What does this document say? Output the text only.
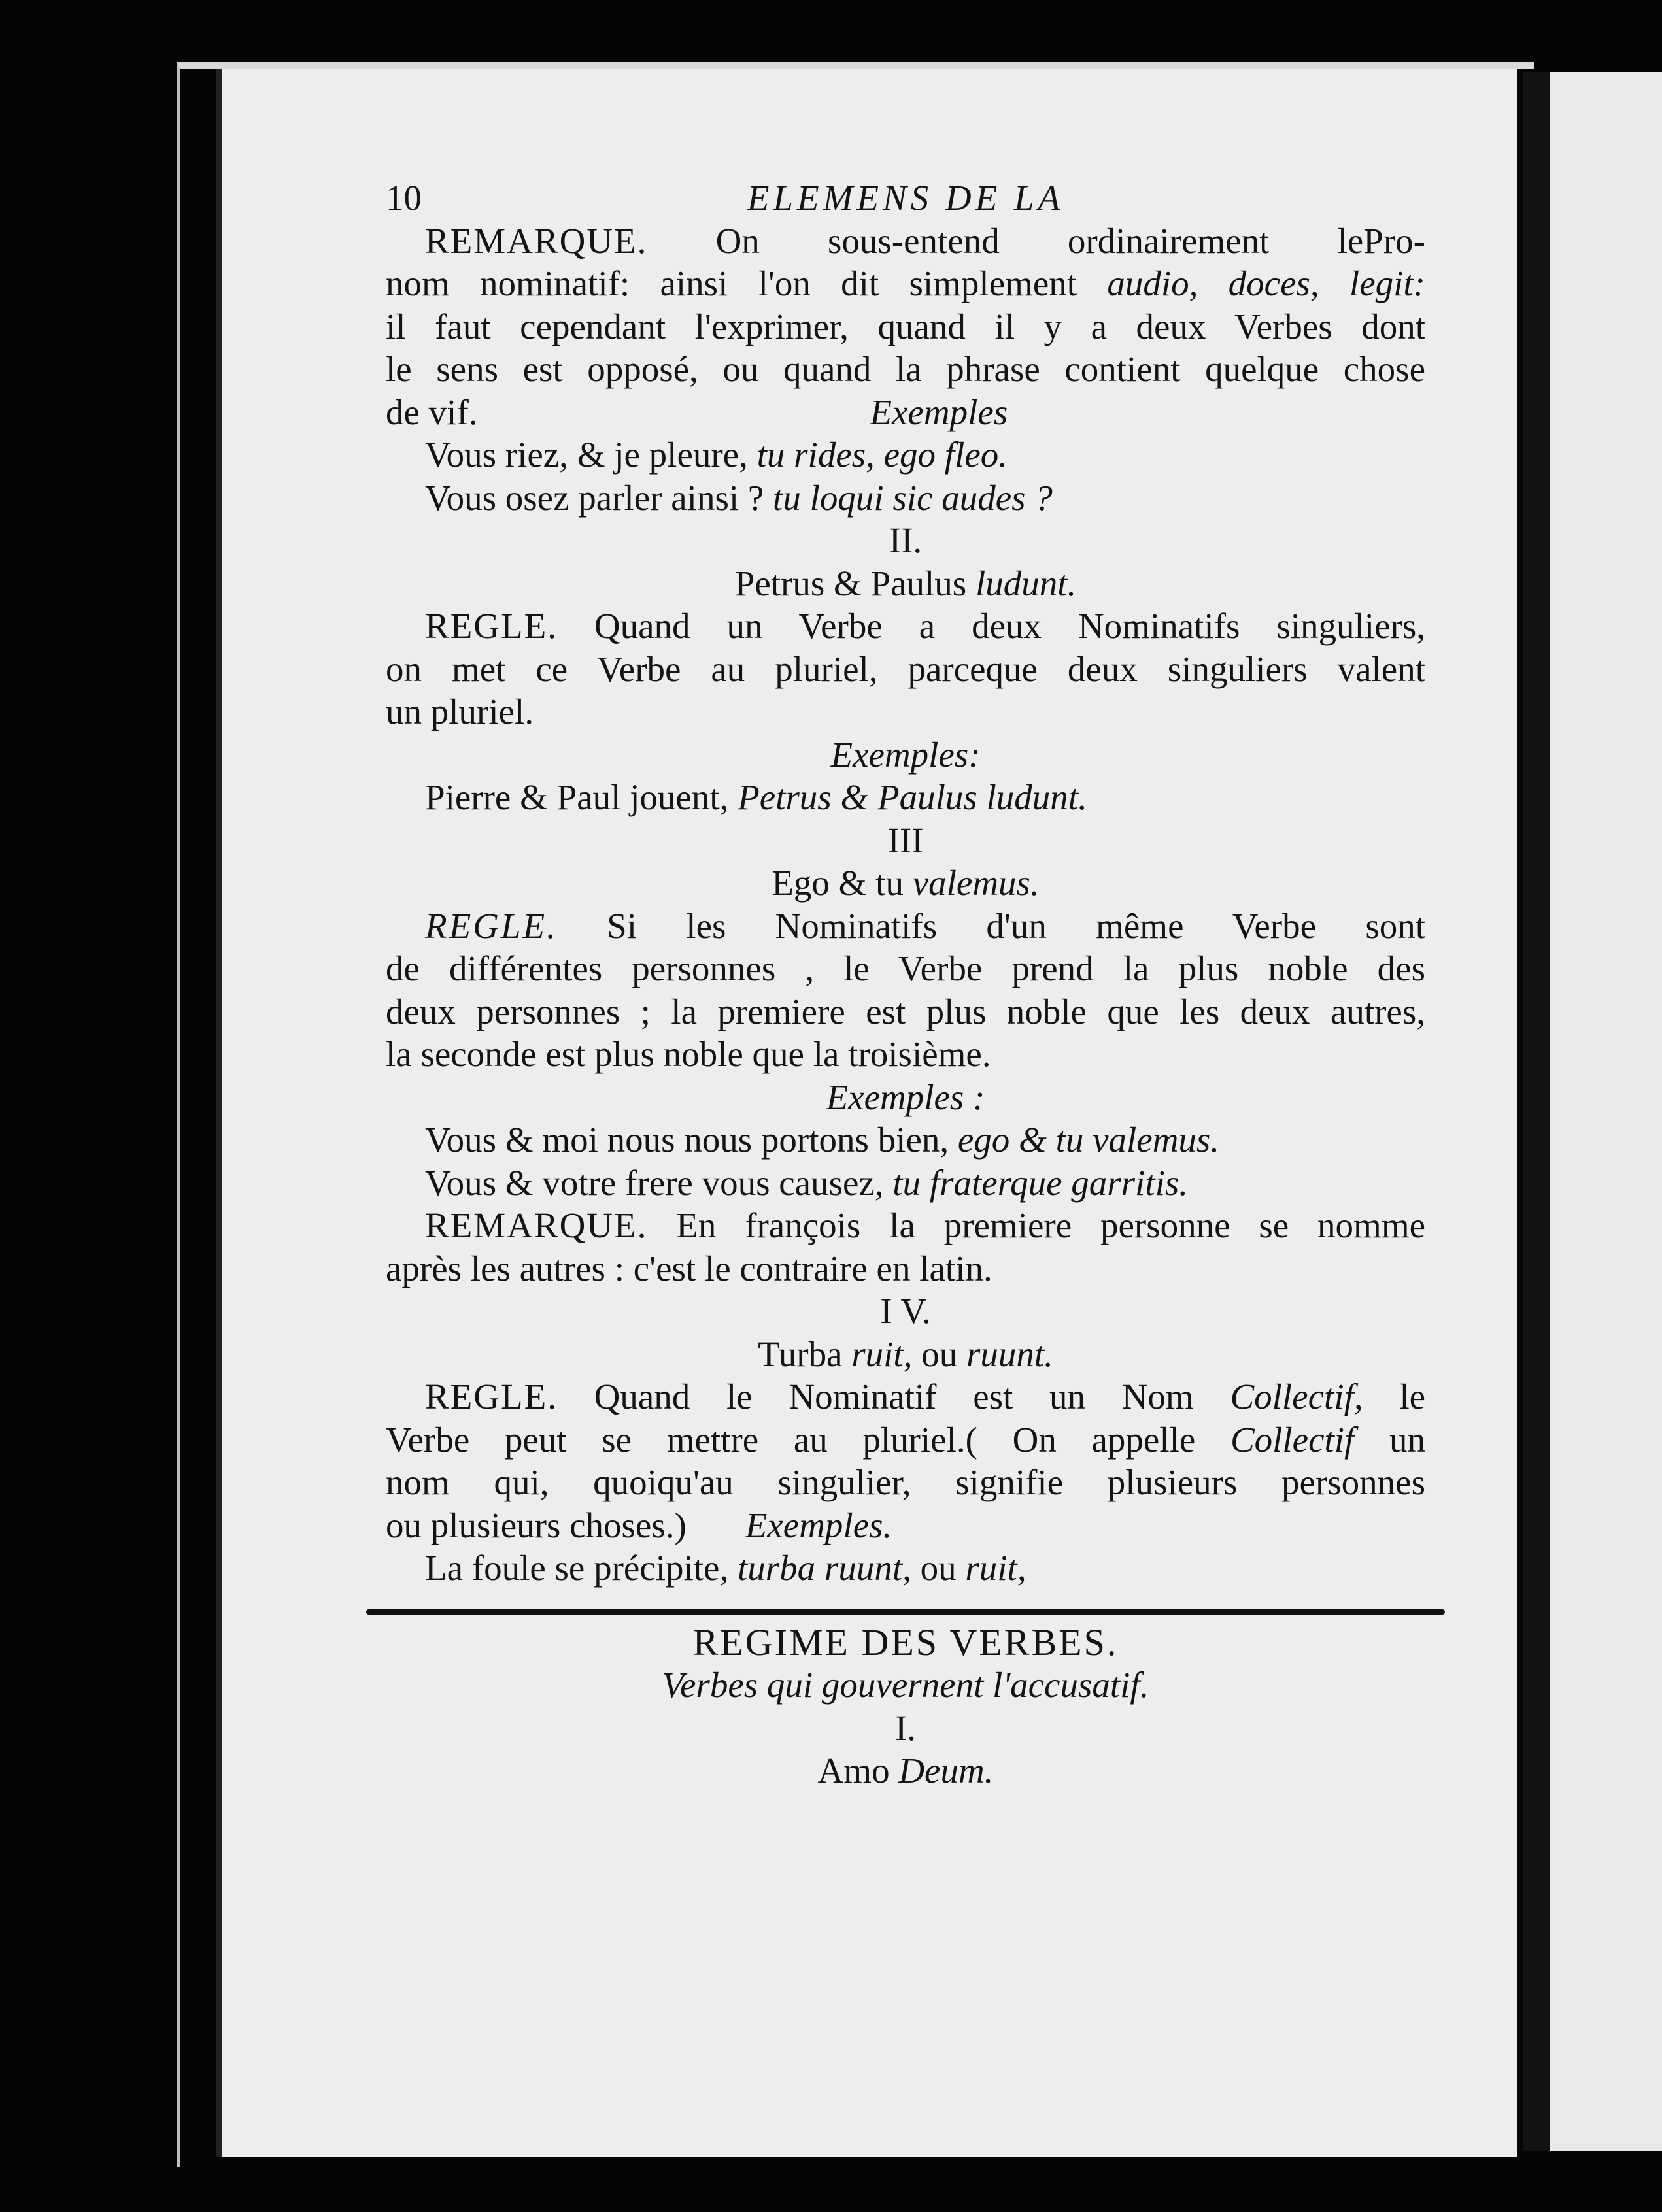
10	ELEMENS DE LA
REMARQUE. On sous-entend ordinairement lePro-
nom nominatif: ainsi l'on dit simplement audio, doces, legit:
il faut cependant l'exprimer, quand il y a deux Verbes dont
le sens est opposé, ou quand la phrase contient quelque chose
de vif.	Exemples
Vous riez, & je pleure, tu rides, ego fleo.
Vous osez parler ainsi ? tu loqui sic audes ?
II.
Petrus & Paulus ludunt.
REGLE. Quand un Verbe a deux Nominatifs singuliers,
on met ce Verbe au pluriel, parceque deux singuliers valent
un pluriel.
Exemples:
Pierre & Paul jouent, Petrus & Paulus ludunt.
III
Ego & tu valemus.
REGLE. Si les Nominatifs d'un même Verbe sont
de différentes personnes , le Verbe prend la plus noble des
deux personnes ; la premiere est plus noble que les deux autres,
la seconde est plus noble que la troisième.
Exemples :
Vous & moi nous nous portons bien, ego & tu valemus.
Vous & votre frere vous causez, tu fraterque garritis.
REMARQUE. En françois la premiere personne se nomme
après les autres : c'est le contraire en latin.
I V.
Turba ruit, ou ruunt.
REGLE. Quand le Nominatif est un Nom Collectif, le
Verbe peut se mettre au pluriel.( On appelle Collectif un
nom qui, quoiqu'au singulier, signifie plusieurs personnes
ou plusieurs choses.) Exemples.
La foule se précipite, turba ruunt, ou ruit,
REGIME DES VERBES.
Verbes qui gouvernent l'accusatif.
I.
Amo Deum.
